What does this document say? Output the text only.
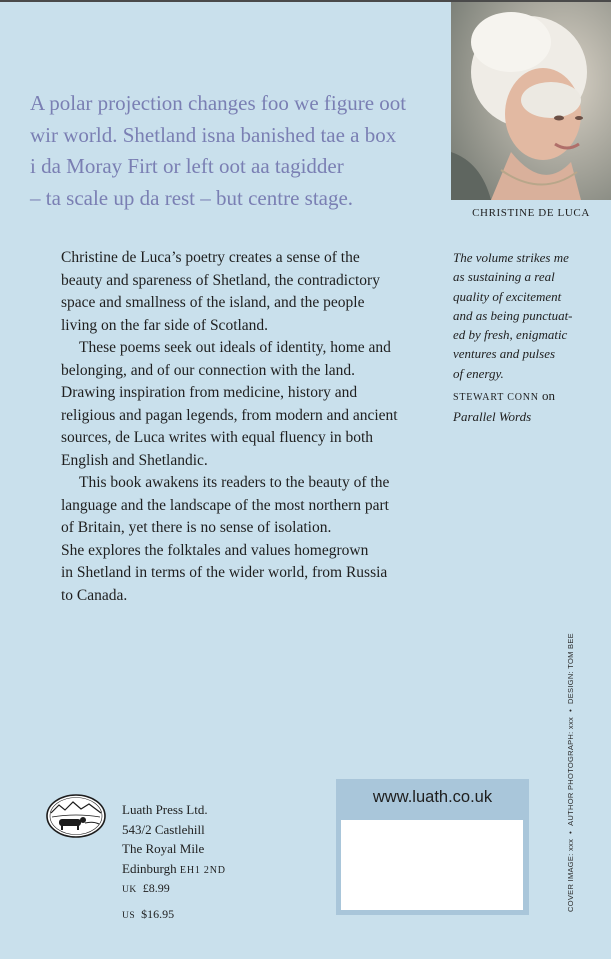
A polar projection changes foo we figure oot
wir world. Shetland isna banished tae a box
i da Moray Firt or left oot aa tagidder
– ta scale up da rest – but centre stage.
CHRISTINE DE LUCA
Christine de Luca’s poetry creates a sense of the
beauty and spareness of Shetland, the contradictory
space and smallness of the island, and the people
living on the far side of Scotland.
These poems seek out ideals of identity, home and
belonging, and of our connection with the land.
Drawing inspiration from medicine, history and
religious and pagan legends, from modern and ancient
sources, de Luca writes with equal fluency in both
English and Shetlandic.
This book awakens its readers to the beauty of the
language and the landscape of the most northern part
of Britain, yet there is no sense of isolation.
She explores the folktales and values homegrown
in Shetland in terms of the wider world, from Russia
to Canada.
The volume strikes me
as sustaining a real
quality of excitement
and as being punctuat-
ed by fresh, enigmatic
ventures and pulses
of energy.
STEWART CONN on
Parallel Words
Luath Press Ltd.
543/2 Castlehill
The Royal Mile
Edinburgh EH1 2ND
UK £8.99
US $16.95
www.luath.co.uk
COVER IMAGE: xxx•AUTHOR PHOTOGRAPH: xxx•DESIGN: TOM BEE
